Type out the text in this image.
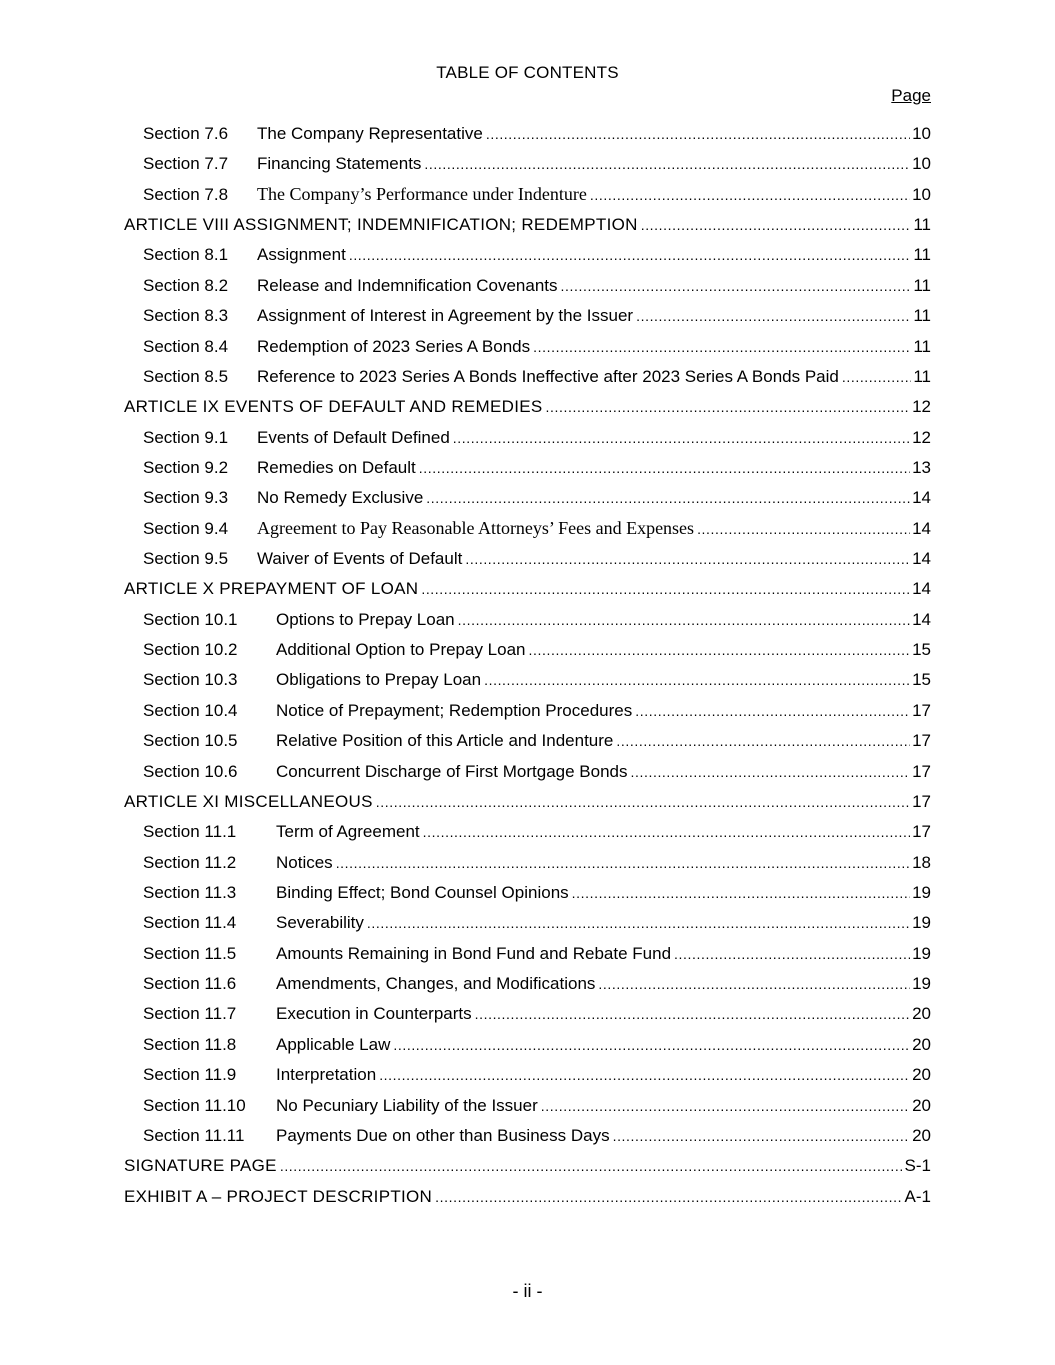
TABLE OF CONTENTS
Page
Section 7.6	The Company Representative .....	10
Section 7.7	Financing Statements .....	10
Section 7.8	The Company’s Performance under Indenture .....	10
ARTICLE VIII ASSIGNMENT; INDEMNIFICATION; REDEMPTION .....	11
Section 8.1	Assignment .....	11
Section 8.2	Release and Indemnification Covenants .....	11
Section 8.3	Assignment of Interest in Agreement by the Issuer .....	11
Section 8.4	Redemption of 2023 Series A Bonds .....	11
Section 8.5	Reference to 2023 Series A Bonds Ineffective after 2023 Series A Bonds Paid .....	11
ARTICLE IX EVENTS OF DEFAULT AND REMEDIES .....	12
Section 9.1	Events of Default Defined .....	12
Section 9.2	Remedies on Default .....	13
Section 9.3	No Remedy Exclusive .....	14
Section 9.4	Agreement to Pay Reasonable Attorneys’ Fees and Expenses .....	14
Section 9.5	Waiver of Events of Default .....	14
ARTICLE X PREPAYMENT OF LOAN .....	14
Section 10.1	Options to Prepay Loan .....	14
Section 10.2	Additional Option to Prepay Loan .....	15
Section 10.3	Obligations to Prepay Loan .....	15
Section 10.4	Notice of Prepayment; Redemption Procedures .....	17
Section 10.5	Relative Position of this Article and Indenture .....	17
Section 10.6	Concurrent Discharge of First Mortgage Bonds .....	17
ARTICLE XI MISCELLANEOUS .....	17
Section 11.1	Term of Agreement .....	17
Section 11.2	Notices .....	18
Section 11.3	Binding Effect; Bond Counsel Opinions .....	19
Section 11.4	Severability .....	19
Section 11.5	Amounts Remaining in Bond Fund and Rebate Fund .....	19
Section 11.6	Amendments, Changes, and Modifications .....	19
Section 11.7	Execution in Counterparts .....	20
Section 11.8	Applicable Law .....	20
Section 11.9	Interpretation .....	20
Section 11.10	No Pecuniary Liability of the Issuer .....	20
Section 11.11	Payments Due on other than Business Days .....	20
SIGNATURE PAGE .....	S-1
EXHIBIT A – PROJECT DESCRIPTION .....	A-1
- ii -
